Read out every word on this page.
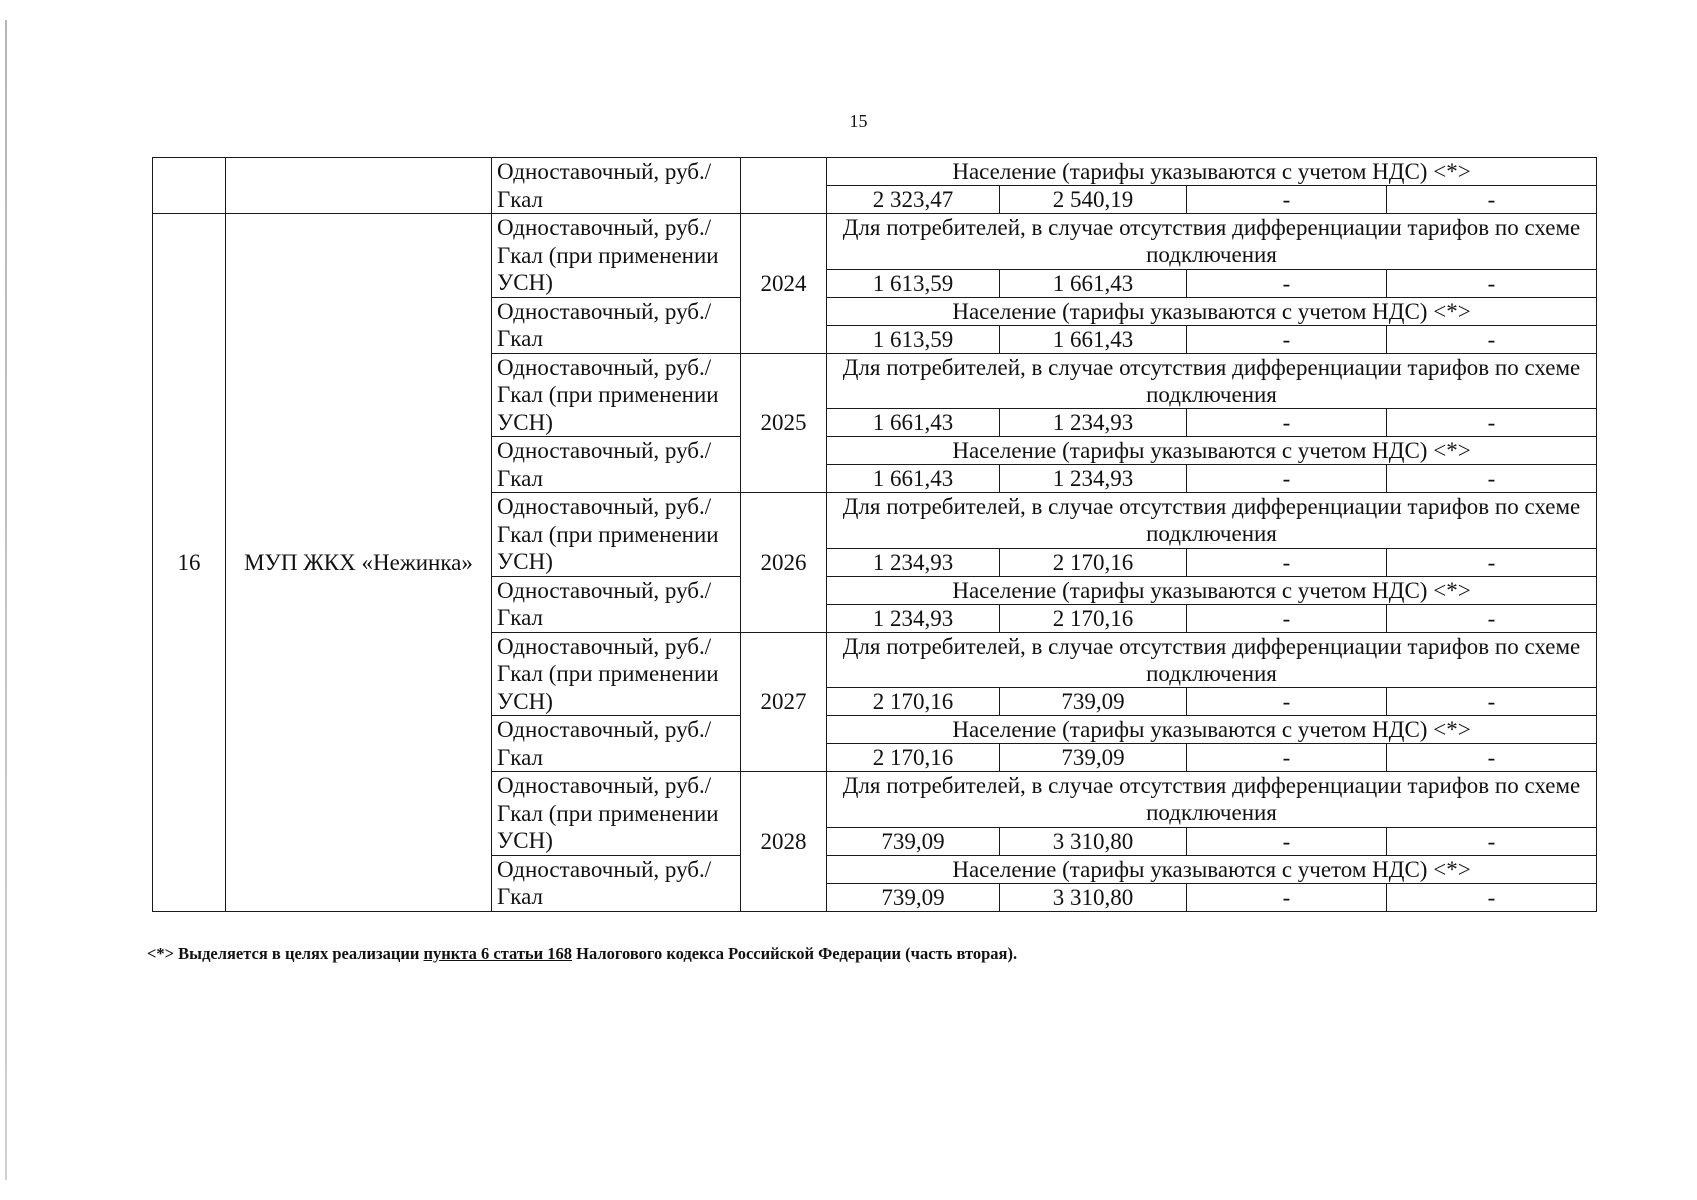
15
		Одноставочный, руб./Гкал		Население (тарифы указываются с учетом НДС) <*>			
				2 323,47	2 540,19	-	-
16	МУП ЖКХ «Нежинка»	Одноставочный, руб./Гкал (при применении УСН)	2024	Для потребителей, в случае отсутствия дифференциации тарифов по схеме подключения			
				1 613,59	1 661,43	-	-
		Одноставочный, руб./Гкал		Население (тарифы указываются с учетом НДС) <*>			
				1 613,59	1 661,43	-	-
		Одноставочный, руб./Гкал (при применении УСН)	2025	Для потребителей, в случае отсутствия дифференциации тарифов по схеме подключения			
				1 661,43	1 234,93	-	-
		Одноставочный, руб./Гкал		Население (тарифы указываются с учетом НДС) <*>			
				1 661,43	1 234,93	-	-
		Одноставочный, руб./Гкал (при применении УСН)	2026	Для потребителей, в случае отсутствия дифференциации тарифов по схеме подключения			
				1 234,93	2 170,16	-	-
		Одноставочный, руб./Гкал		Население (тарифы указываются с учетом НДС) <*>			
				1 234,93	2 170,16	-	-
		Одноставочный, руб./Гкал (при применении УСН)	2027	Для потребителей, в случае отсутствия дифференциации тарифов по схеме подключения			
				2 170,16	739,09	-	-
		Одноставочный, руб./Гкал		Население (тарифы указываются с учетом НДС) <*>			
				2 170,16	739,09	-	-
		Одноставочный, руб./Гкал (при применении УСН)	2028	Для потребителей, в случае отсутствия дифференциации тарифов по схеме подключения			
				739,09	3 310,80	-	-
		Одноставочный, руб./Гкал		Население (тарифы указываются с учетом НДС) <*>			
				739,09	3 310,80	-	-
<*> Выделяется в целях реализации пункта 6 статьи 168 Налогового кодекса Российской Федерации (часть вторая).
